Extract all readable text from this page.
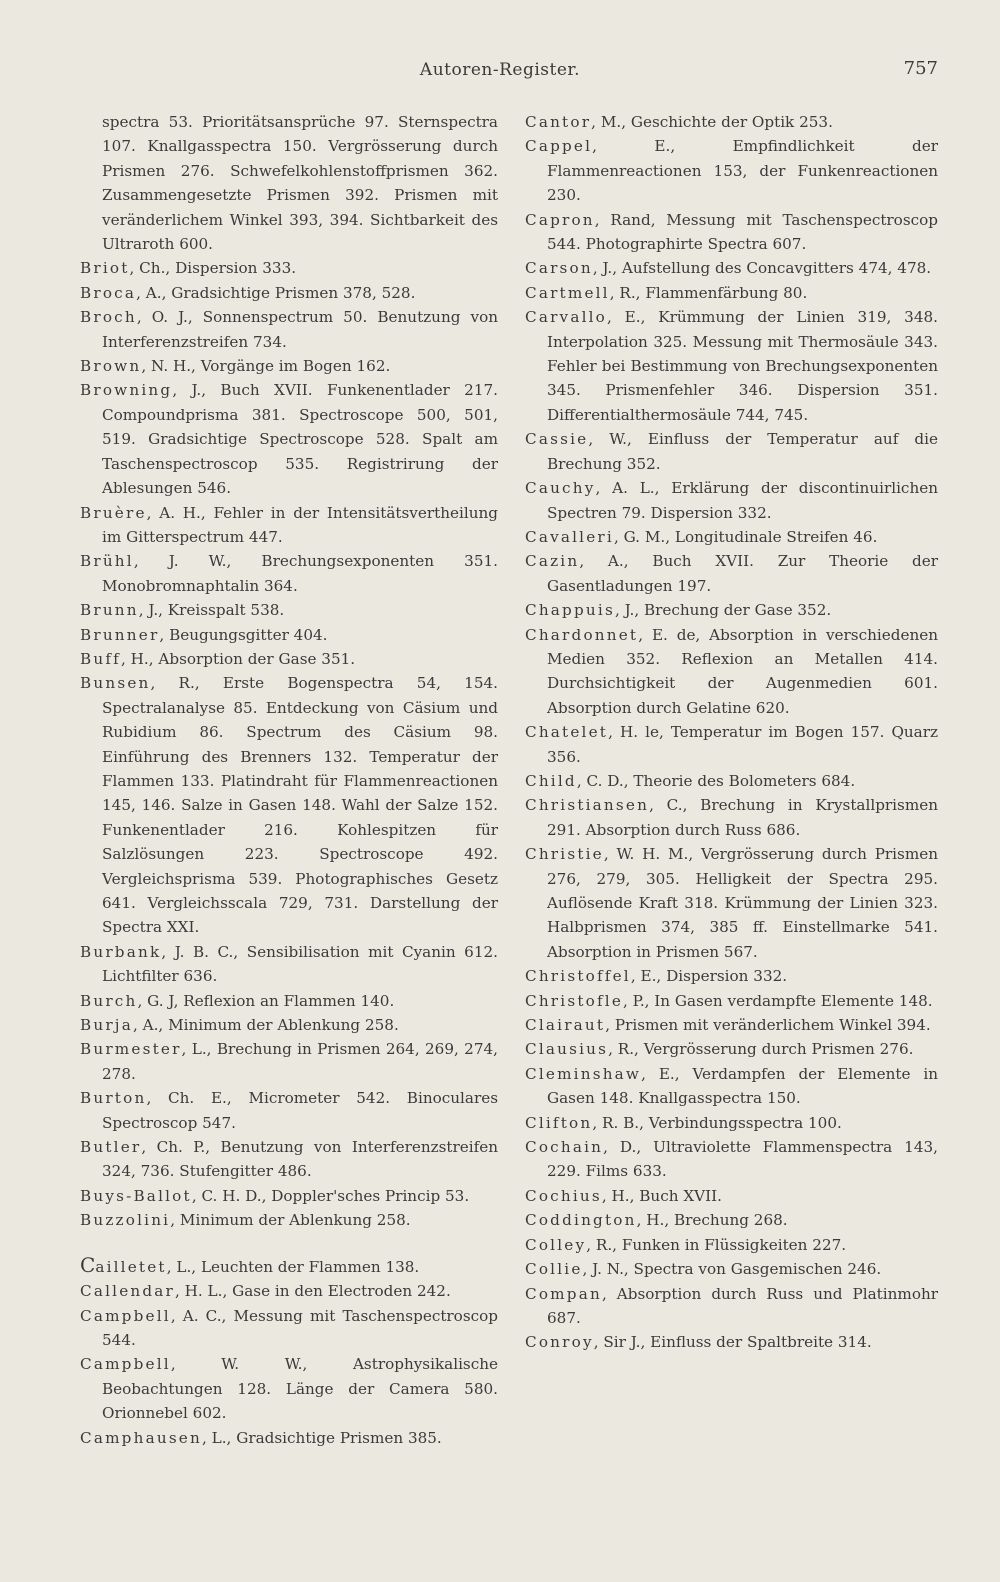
Autoren-Register.	757

spectra 53. Prioritätsansprüche 97. Sternspectra 107. Knallgasspectra 150. Vergrösserung durch Prismen 276. Schwefelkohlenstoffprismen 362. Zusammengesetzte Prismen 392. Prismen mit veränderlichem Winkel 393, 394. Sichtbarkeit des Ultraroth 600.

Briot, Ch., Dispersion 333.

Broca, A., Gradsichtige Prismen 378, 528.

Broch, O. J., Sonnenspectrum 50. Benutzung von Interferenzstreifen 734.

Brown, N. H., Vorgänge im Bogen 162.

Browning, J., Buch XVII. Funkenentlader 217. Compoundprisma 381. Spectroscope 500, 501, 519. Gradsichtige Spectroscope 528. Spalt am Taschenspectroscop 535. Registrirung der Ablesungen 546.

Bruère, A. H., Fehler in der Intensitätsvertheilung im Gitterspectrum 447.

Brühl, J. W., Brechungsexponenten 351. Monobromnaphtalin 364.

Brunn, J., Kreisspalt 538.

Brunner, Beugungsgitter 404.

Buff, H., Absorption der Gase 351.

Bunsen, R., Erste Bogenspectra 54, 154. Spectralanalyse 85. Entdeckung von Cäsium und Rubidium 86. Spectrum des Cäsium 98. Einführung des Brenners 132. Temperatur der Flammen 133. Platindraht für Flammenreactionen 145, 146. Salze in Gasen 148. Wahl der Salze 152. Funkenentlader 216. Kohlespitzen für Salzlösungen 223. Spectroscope 492. Vergleichsprisma 539. Photographisches Gesetz 641. Vergleichsscala 729, 731. Darstellung der Spectra XXI.

Burbank, J. B. C., Sensibilisation mit Cyanin 612. Lichtfilter 636.

Burch, G. J, Reflexion an Flammen 140.

Burja, A., Minimum der Ablenkung 258.

Burmester, L., Brechung in Prismen 264, 269, 274, 278.

Burton, Ch. E., Micrometer 542. Binoculares Spectroscop 547.

Butler, Ch. P., Benutzung von Interferenzstreifen 324, 736. Stufengitter 486.

Buys-Ballot, C. H. D., Doppler'sches Princip 53.

Buzzolini, Minimum der Ablenkung 258.

Cailletet, L., Leuchten der Flammen 138.

Callendar, H. L., Gase in den Electroden 242.

Campbell, A. C., Messung mit Taschenspectroscop 544.

Campbell, W. W., Astrophysikalische Beobachtungen 128. Länge der Camera 580. Orionnebel 602.

Camphausen, L., Gradsichtige Prismen 385.

Cantor, M., Geschichte der Optik 253.

Cappel, E., Empfindlichkeit der Flammenreactionen 153, der Funkenreactionen 230.

Capron, Rand, Messung mit Taschenspectroscop 544. Photographirte Spectra 607.

Carson, J., Aufstellung des Concavgitters 474, 478.

Cartmell, R., Flammenfärbung 80.

Carvallo, E., Krümmung der Linien 319, 348. Interpolation 325. Messung mit Thermosäule 343. Fehler bei Bestimmung von Brechungsexponenten 345. Prismenfehler 346. Dispersion 351. Differentialthermosäule 744, 745.

Cassie, W., Einfluss der Temperatur auf die Brechung 352.

Cauchy, A. L., Erklärung der discontinuirlichen Spectren 79. Dispersion 332.

Cavalleri, G. M., Longitudinale Streifen 46.

Cazin, A., Buch XVII. Zur Theorie der Gasentladungen 197.

Chappuis, J., Brechung der Gase 352.

Chardonnet, E. de, Absorption in verschiedenen Medien 352. Reflexion an Metallen 414. Durchsichtigkeit der Augenmedien 601. Absorption durch Gelatine 620.

Chatelet, H. le, Temperatur im Bogen 157. Quarz 356.

Child, C. D., Theorie des Bolometers 684.

Christiansen, C., Brechung in Krystallprismen 291. Absorption durch Russ 686.

Christie, W. H. M., Vergrösserung durch Prismen 276, 279, 305. Helligkeit der Spectra 295. Auflösende Kraft 318. Krümmung der Linien 323. Halbprismen 374, 385 ff. Einstellmarke 541. Absorption in Prismen 567.

Christoffel, E., Dispersion 332.

Christofle, P., In Gasen verdampfte Elemente 148.

Clairaut, Prismen mit veränderlichem Winkel 394.

Clausius, R., Vergrösserung durch Prismen 276.

Cleminshaw, E., Verdampfen der Elemente in Gasen 148. Knallgasspectra 150.

Clifton, R. B., Verbindungsspectra 100.

Cochain, D., Ultraviolette Flammenspectra 143, 229. Films 633.

Cochius, H., Buch XVII.

Coddington, H., Brechung 268.

Colley, R., Funken in Flüssigkeiten 227.

Collie, J. N., Spectra von Gasgemischen 246.

Compan, Absorption durch Russ und Platinmohr 687.

Conroy, Sir J., Einfluss der Spaltbreite 314.
